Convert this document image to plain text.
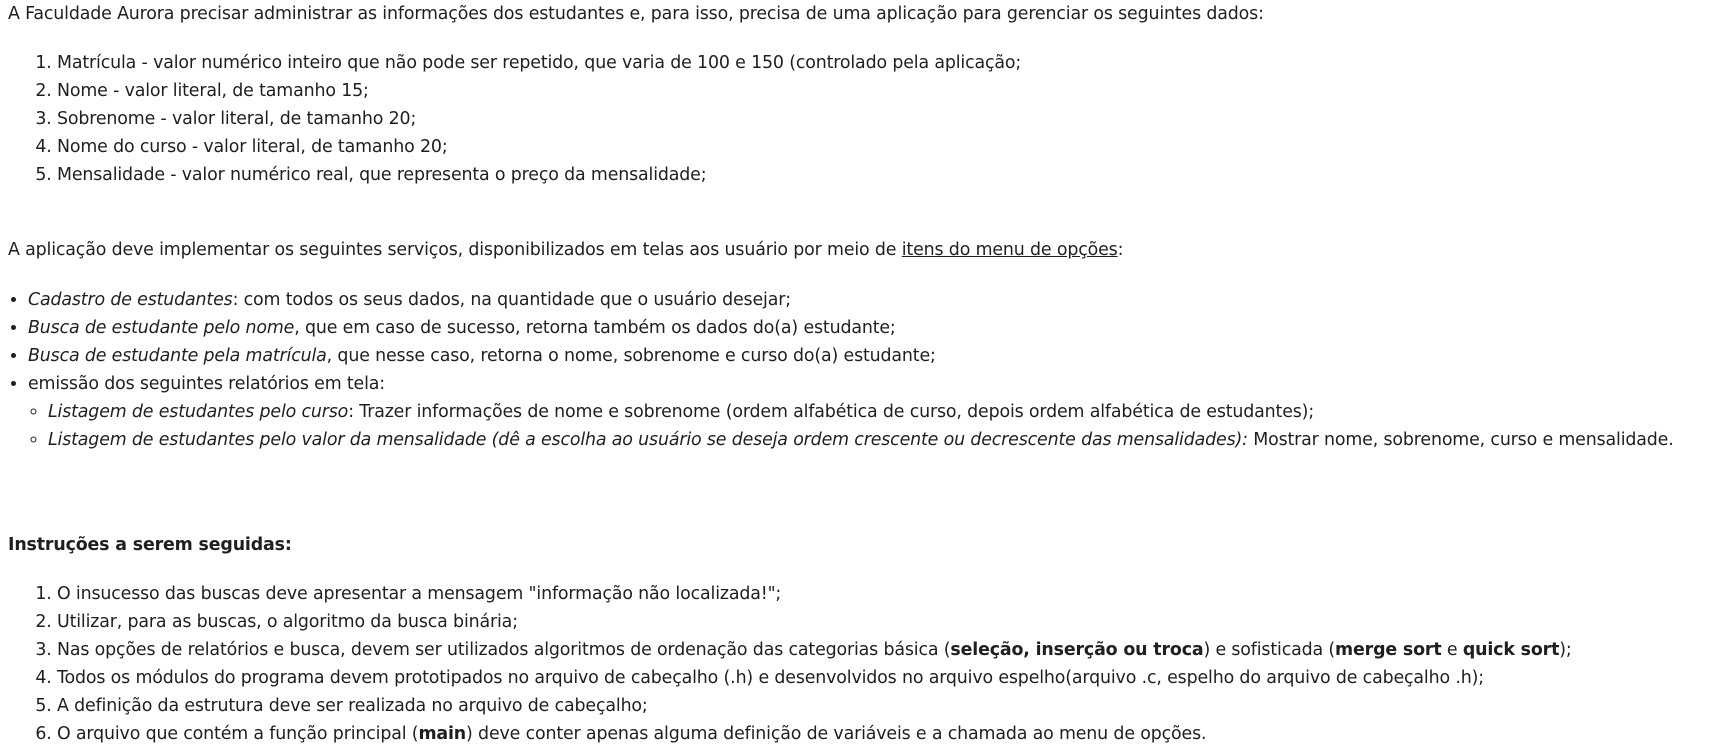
A Faculdade Aurora precisar administrar as informações dos estudantes e, para isso, precisa de uma aplicação para gerenciar os seguintes dados:

1. Matrícula - valor numérico inteiro que não pode ser repetido, que varia de 100 e 150 (controlado pela aplicação;
2. Nome - valor literal, de tamanho 15;
3. Sobrenome - valor literal, de tamanho 20;
4. Nome do curso - valor literal, de tamanho 20;
5. Mensalidade - valor numérico real, que representa o preço da mensalidade;

A aplicação deve implementar os seguintes serviços, disponibilizados em telas aos usuário por meio de itens do menu de opções:

• Cadastro de estudantes: com todos os seus dados, na quantidade que o usuário desejar;
• Busca de estudante pelo nome, que em caso de sucesso, retorna também os dados do(a) estudante;
• Busca de estudante pela matrícula, que nesse caso, retorna o nome, sobrenome e curso do(a) estudante;
• emissão dos seguintes relatórios em tela:
◦ Listagem de estudantes pelo curso: Trazer informações de nome e sobrenome (ordem alfabética de curso, depois ordem alfabética de estudantes);
◦ Listagem de estudantes pelo valor da mensalidade (dê a escolha ao usuário se deseja ordem crescente ou decrescente das mensalidades): Mostrar nome, sobrenome, curso e mensalidade.

Instruções a serem seguidas:

1. O insucesso das buscas deve apresentar a mensagem "informação não localizada!";
2. Utilizar, para as buscas, o algoritmo da busca binária;
3. Nas opções de relatórios e busca, devem ser utilizados algoritmos de ordenação das categorias básica (seleção, inserção ou troca) e sofisticada (merge sort e quick sort);
4. Todos os módulos do programa devem prototipados no arquivo de cabeçalho (.h) e desenvolvidos no arquivo espelho(arquivo .c, espelho do arquivo de cabeçalho .h);
5. A definição da estrutura deve ser realizada no arquivo de cabeçalho;
6. O arquivo que contém a função principal (main) deve conter apenas alguma definição de variáveis e a chamada ao menu de opções.
